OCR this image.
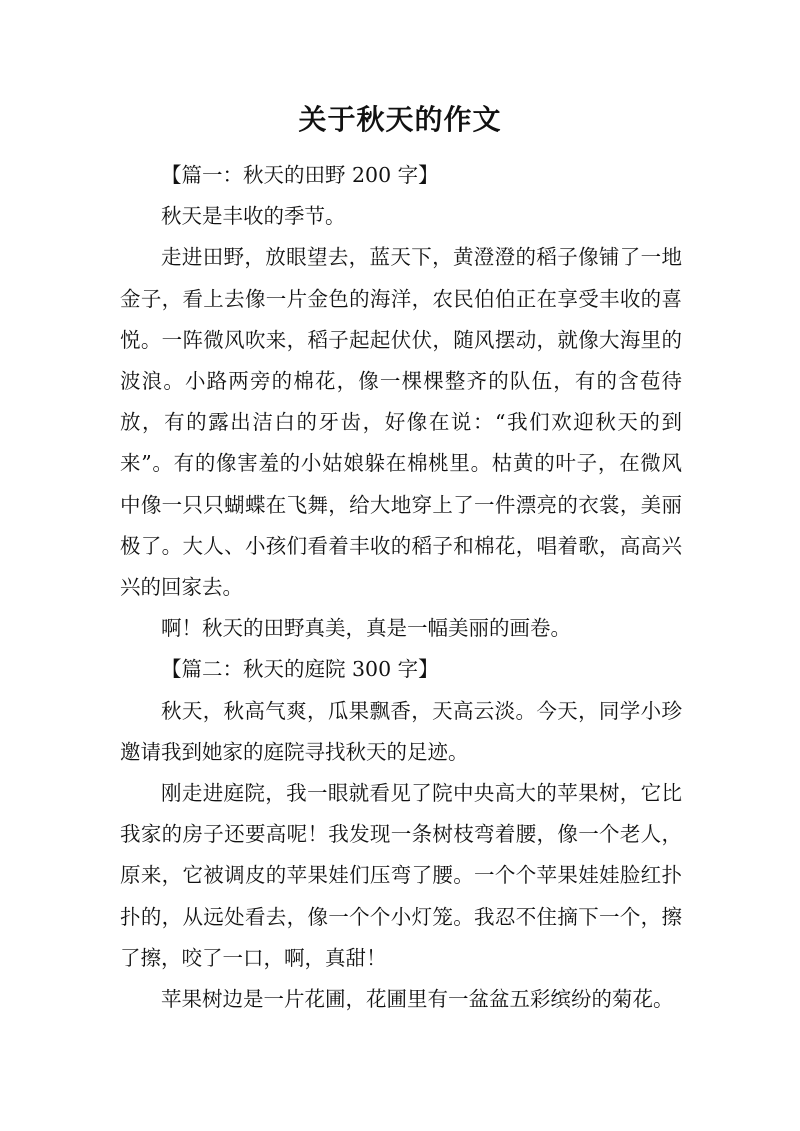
关于秋天的作文

【篇一：秋天的田野 200 字】

秋天是丰收的季节。

走进田野，放眼望去，蓝天下，黄澄澄的稻子像铺了一地金子，看上去像一片金色的海洋，农民伯伯正在享受丰收的喜悦。一阵微风吹来，稻子起起伏伏，随风摆动，就像大海里的波浪。小路两旁的棉花，像一棵棵整齐的队伍，有的含苞待放，有的露出洁白的牙齿，好像在说：“我们欢迎秋天的到来”。有的像害羞的小姑娘躲在棉桃里。枯黄的叶子，在微风中像一只只蝴蝶在飞舞，给大地穿上了一件漂亮的衣裳，美丽极了。大人、小孩们看着丰收的稻子和棉花，唱着歌，高高兴兴的回家去。

啊！秋天的田野真美，真是一幅美丽的画卷。

【篇二：秋天的庭院 300 字】

秋天，秋高气爽，瓜果飘香，天高云淡。今天，同学小珍邀请我到她家的庭院寻找秋天的足迹。

刚走进庭院，我一眼就看见了院中央高大的苹果树，它比我家的房子还要高呢！我发现一条树枝弯着腰，像一个老人，原来，它被调皮的苹果娃们压弯了腰。一个个苹果娃娃脸红扑扑的，从远处看去，像一个个小灯笼。我忍不住摘下一个，擦了擦，咬了一口，啊，真甜！

苹果树边是一片花圃，花圃里有一盆盆五彩缤纷的菊花。
